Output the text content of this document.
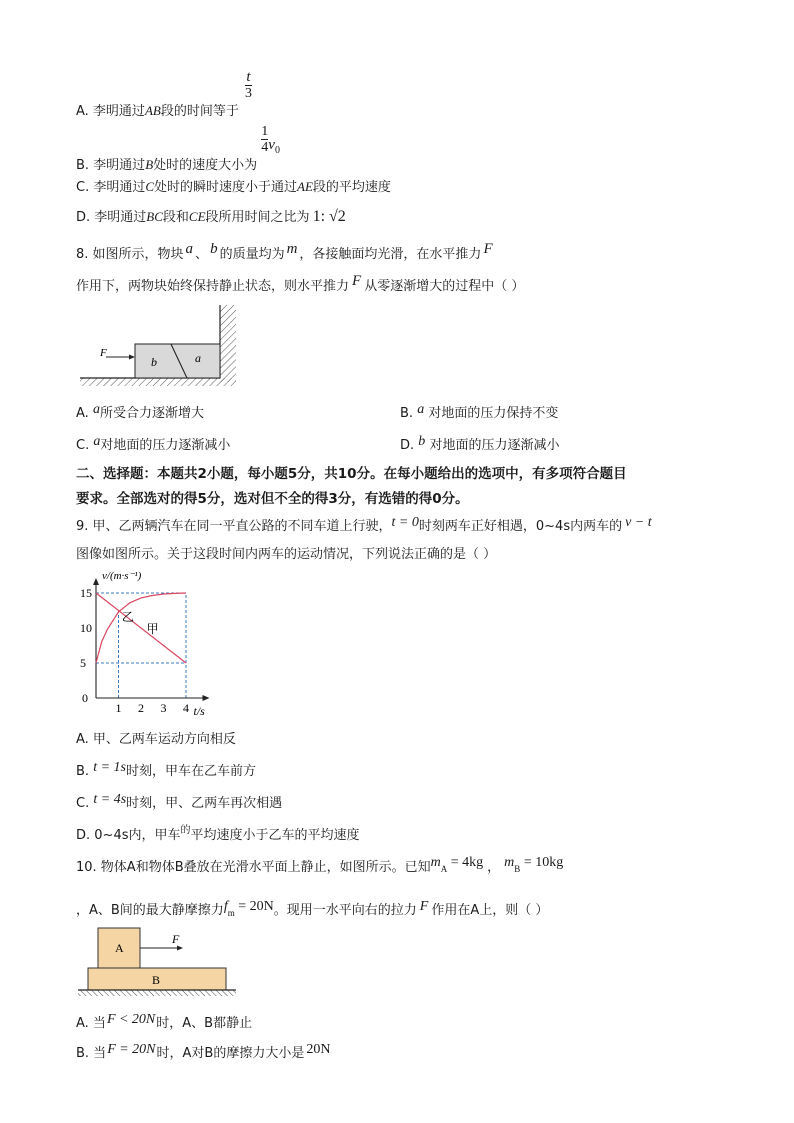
A. 李明通过AB段的时间等于
$\frac{t}{3}$
B. 李明通过B处时的速度大小为
$\frac{1}{4} v_0$
C. 李明通过C处时的瞬时速度小于通过AE段的平均速度
D. 李明通过BC段和CE段所用时间之比为 1: √2
8. 如图所示，物块 a 、 b 的质量均为 m ，各接触面均光滑，在水平推力 F
作用下，两物块始终保持静止状态，则水平推力 F 从零逐渐增大的过程中（ ）
F
b	a
A. a所受合力逐渐增大	B. a 对地面的压力保持不变
C. a对地面的压力逐渐减小	D. b 对地面的压力逐渐减小
二、选择题：本题共2小题，每小题5分，共10分。在每小题给出的选项中，有多项符合题目
要求。全部选对的得5分，选对但不全的得3分，有选错的得0分。
9. 甲、乙两辆汽车在同一平直公路的不同车道上行驶，t = 0时刻两车正好相遇，0~4s内两车的 v − t
图像如图所示。关于这段时间内两车的运动情况，下列说法正确的是（ ）
1 2 3 4
5
10
15
0
v/(m·s⁻¹)
t/s
乙
甲
A. 甲、乙两车运动方向相反
B. t = 1s时刻，甲车在乙车前方
C. t = 4s时刻，甲、乙两车再次相遇
D. 0~4s内，甲车$^的$平均速度小于乙车的平均速度
10. 物体A和物体B叠放在光滑水平面上静止，如图所示。已知$m_A = 4kg$ ， $m_B = 10kg$
，A、B间的最大静摩擦力$f_m = 20N$。现用一水平向右的拉力 F 作用在A上，则（ ）
A
B
F
A. 当F < 20N时，A、B都静止
B. 当F = 20N时，A对B的摩擦力大小是 20N
